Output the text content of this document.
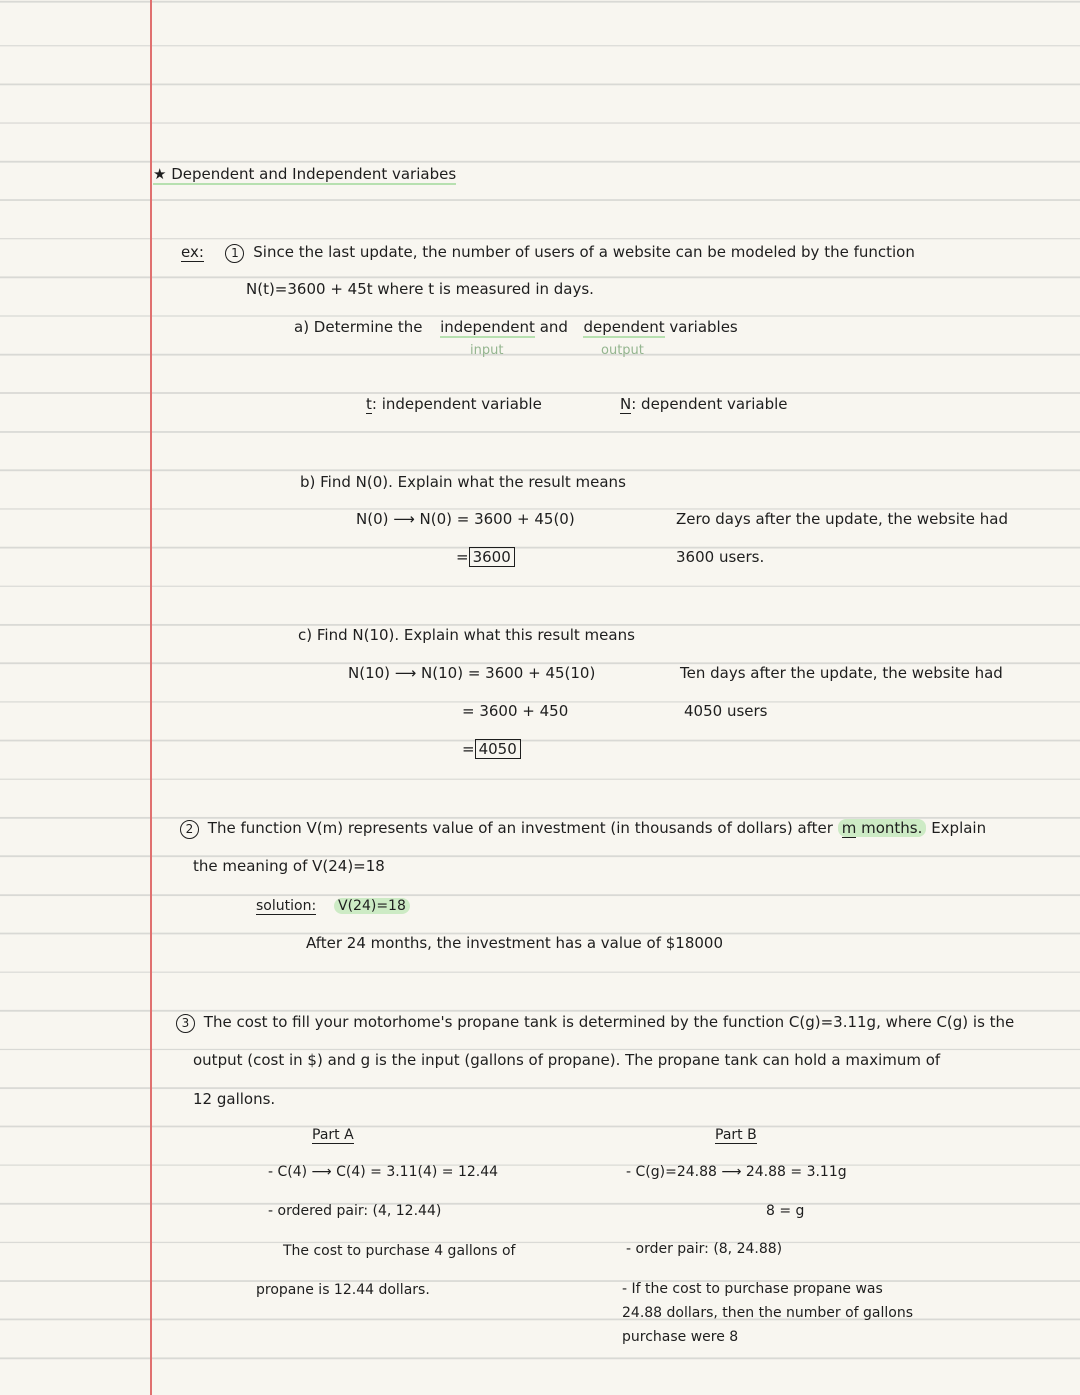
★ Dependent and Independent variabes
ex: 1 Since the last update, the number of users of a website can be modeled by the function
N(t)=3600 + 45t where t is measured in days.
a) Determine the independent and dependent variables
input	output
t: independent variable	N: dependent variable
b) Find N(0). Explain what the result means
N(0) ⟶ N(0) = 3600 + 45(0)
= 3600
Zero days after the update, the website had
3600 users.
c) Find N(10). Explain what this result means
N(10) ⟶ N(10) = 3600 + 45(10)
= 3600 + 450
= 4050
Ten days after the update, the website had
4050 users
2 The function V(m) represents value of an investment (in thousands of dollars) after m months. Explain
the meaning of V(24)=18
solution: V(24)=18
After 24 months, the investment has a value of $18000
3 The cost to fill your motorhome's propane tank is determined by the function C(g)=3.11g, where C(g) is the
output (cost in $) and g is the input (gallons of propane). The propane tank can hold a maximum of
12 gallons.
Part A
- C(4) ⟶ C(4) = 3.11(4) = 12.44
- ordered pair: (4, 12.44)
The cost to purchase 4 gallons of
propane is 12.44 dollars.
Part B
- C(g)=24.88 ⟶ 24.88 = 3.11g
8 = g
- order pair: (8, 24.88)
- If the cost to purchase propane was
24.88 dollars, then the number of gallons
purchase were 8
